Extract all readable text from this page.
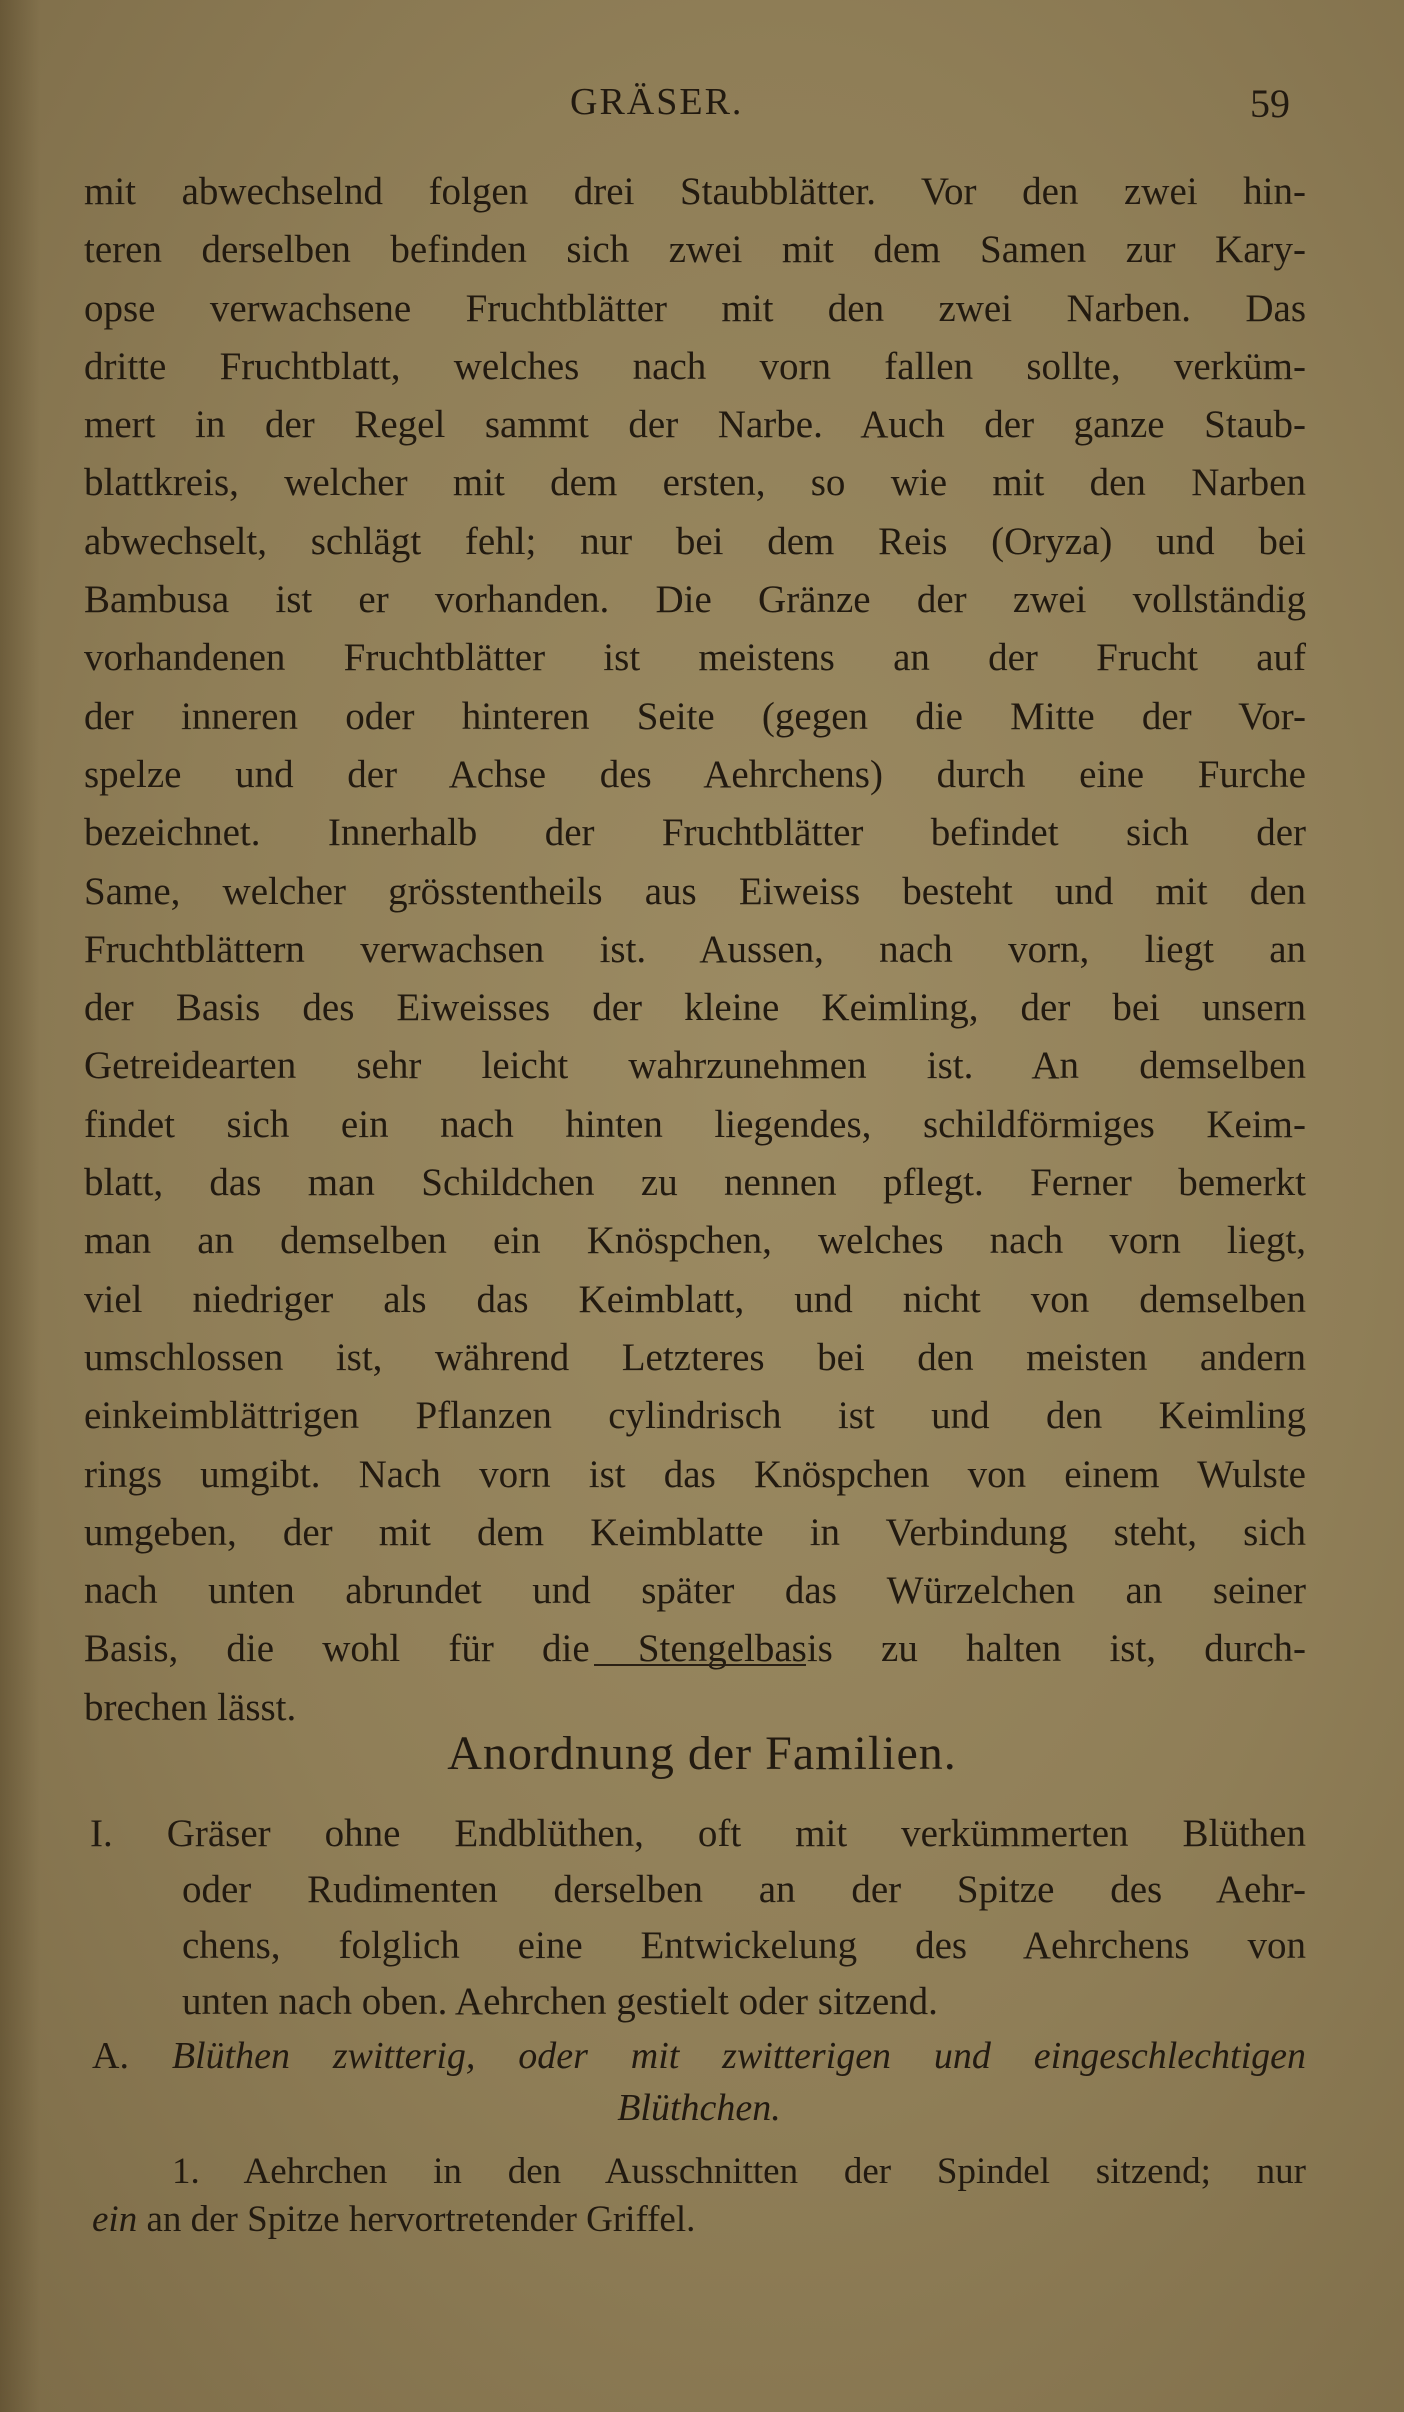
GRÄSER.	59
mit abwechselnd folgen drei Staubblätter. Vor den zwei hin-
teren derselben befinden sich zwei mit dem Samen zur Kary-
opse verwachsene Fruchtblätter mit den zwei Narben. Das
dritte Fruchtblatt, welches nach vorn fallen sollte, verküm-
mert in der Regel sammt der Narbe. Auch der ganze Staub-
blattkreis, welcher mit dem ersten, so wie mit den Narben
abwechselt, schlägt fehl; nur bei dem Reis (Oryza) und bei
Bambusa ist er vorhanden. Die Gränze der zwei vollständig
vorhandenen Fruchtblätter ist meistens an der Frucht auf
der inneren oder hinteren Seite (gegen die Mitte der Vor-
spelze und der Achse des Aehrchens) durch eine Furche
bezeichnet. Innerhalb der Fruchtblätter befindet sich der
Same, welcher grösstentheils aus Eiweiss besteht und mit den
Fruchtblättern verwachsen ist. Aussen, nach vorn, liegt an
der Basis des Eiweisses der kleine Keimling, der bei unsern
Getreidearten sehr leicht wahrzunehmen ist. An demselben
findet sich ein nach hinten liegendes, schildförmiges Keim-
blatt, das man Schildchen zu nennen pflegt. Ferner bemerkt
man an demselben ein Knöspchen, welches nach vorn liegt,
viel niedriger als das Keimblatt, und nicht von demselben
umschlossen ist, während Letzteres bei den meisten andern
einkeimblättrigen Pflanzen cylindrisch ist und den Keimling
rings umgibt. Nach vorn ist das Knöspchen von einem Wulste
umgeben, der mit dem Keimblatte in Verbindung steht, sich
nach unten abrundet und später das Würzelchen an seiner
Basis, die wohl für die Stengelbasis zu halten ist, durch-
brechen lässt.
Anordnung der Familien.
I. Gräser ohne Endblüthen, oft mit verkümmerten Blüthen
oder Rudimenten derselben an der Spitze des Aehr-
chens, folglich eine Entwickelung des Aehrchens von
unten nach oben. Aehrchen gestielt oder sitzend.
A. Blüthen zwitterig, oder mit zwitterigen und eingeschlechtigen
Blüthchen.
1. Aehrchen in den Ausschnitten der Spindel sitzend; nur
ein an der Spitze hervortretender Griffel.
